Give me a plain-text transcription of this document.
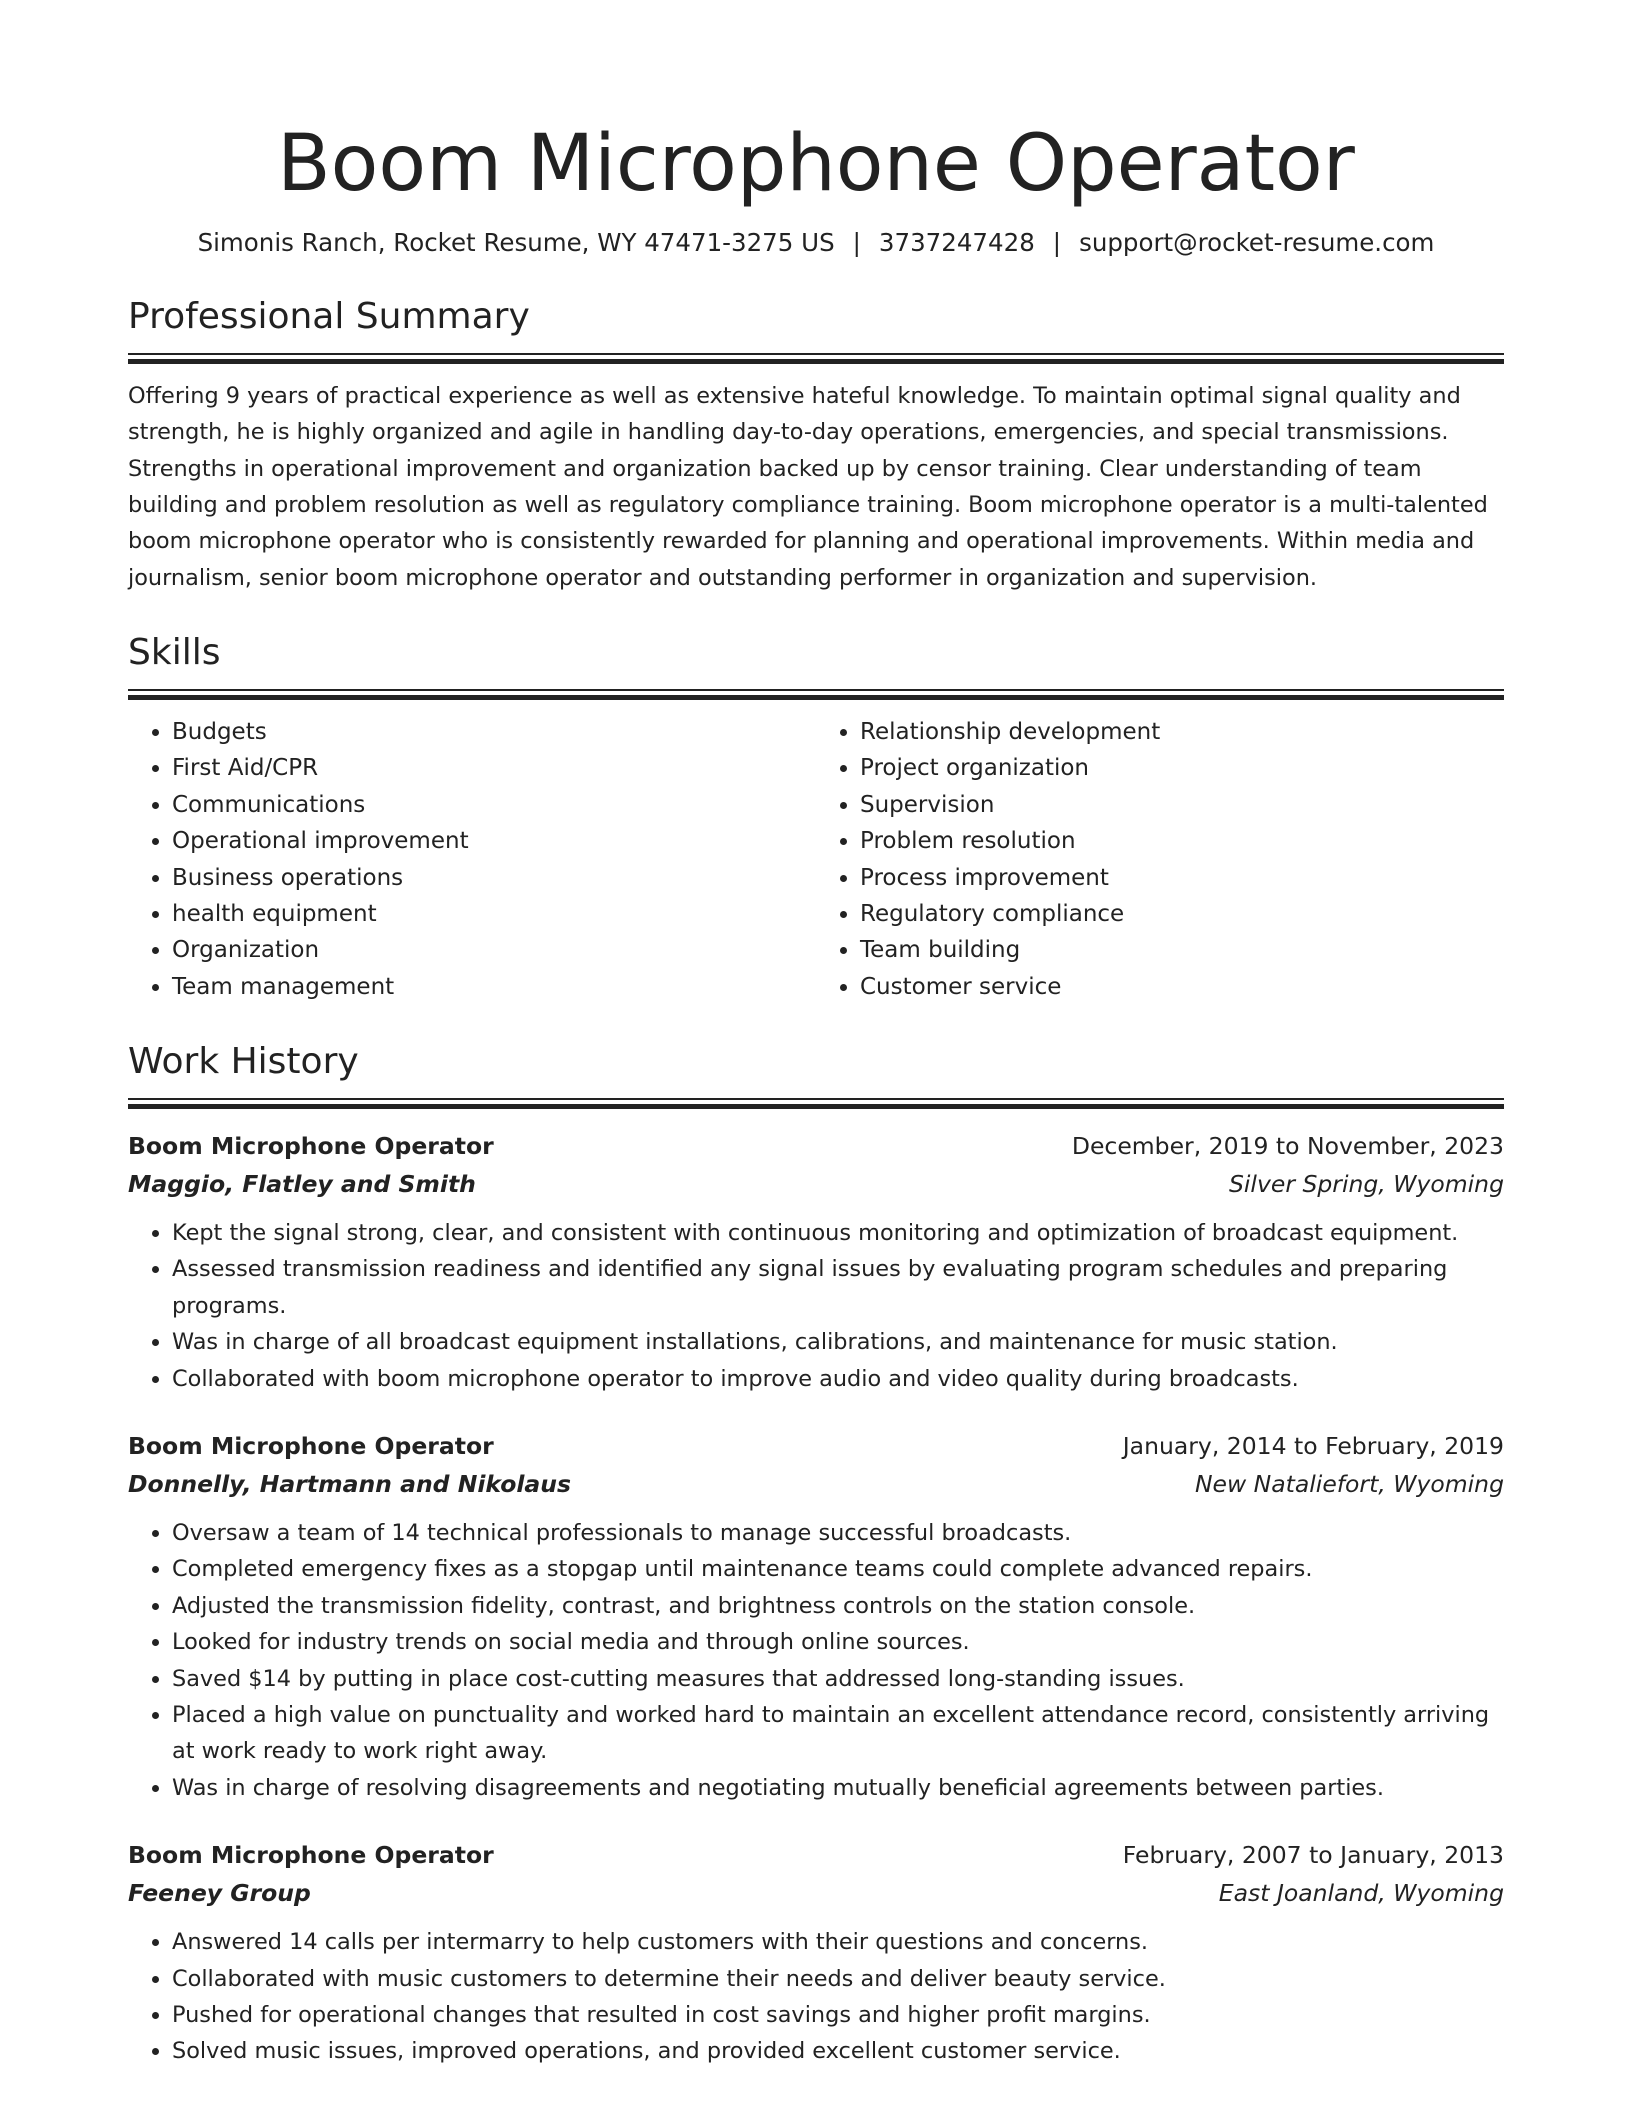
Boom Microphone Operator
Simonis Ranch, Rocket Resume, WY 47471-3275 US | 3737247428 | support@rocket-resume.com
Professional Summary

Offering 9 years of practical experience as well as extensive hateful knowledge. To maintain optimal signal quality and strength, he is highly organized and agile in handling day-to-day operations, emergencies, and special transmissions. Strengths in operational improvement and organization backed up by censor training. Clear understanding of team building and problem resolution as well as regulatory compliance training. Boom microphone operator is a multi-talented boom microphone operator who is consistently rewarded for planning and operational improvements. Within media and journalism, senior boom microphone operator and outstanding performer in organization and supervision.

Skills
• Budgets
• First Aid/CPR
• Communications
• Operational improvement
• Business operations
• health equipment
• Organization
• Team management
• Relationship development
• Project organization
• Supervision
• Problem resolution
• Process improvement
• Regulatory compliance
• Team building
• Customer service
Work History
Boom Microphone Operator	December, 2019 to November, 2023
Maggio, Flatley and Smith	Silver Spring, Wyoming
• Kept the signal strong, clear, and consistent with continuous monitoring and optimization of broadcast equipment.
• Assessed transmission readiness and identified any signal issues by evaluating program schedules and preparing programs.
• Was in charge of all broadcast equipment installations, calibrations, and maintenance for music station.
• Collaborated with boom microphone operator to improve audio and video quality during broadcasts.
Boom Microphone Operator	January, 2014 to February, 2019
Donnelly, Hartmann and Nikolaus	New Nataliefort, Wyoming
• Oversaw a team of 14 technical professionals to manage successful broadcasts.
• Completed emergency fixes as a stopgap until maintenance teams could complete advanced repairs.
• Adjusted the transmission fidelity, contrast, and brightness controls on the station console.
• Looked for industry trends on social media and through online sources.
• Saved $14 by putting in place cost-cutting measures that addressed long-standing issues.
• Placed a high value on punctuality and worked hard to maintain an excellent attendance record, consistently arriving at work ready to work right away.
• Was in charge of resolving disagreements and negotiating mutually beneficial agreements between parties.
Boom Microphone Operator	February, 2007 to January, 2013
Feeney Group	East Joanland, Wyoming
• Answered 14 calls per intermarry to help customers with their questions and concerns.
• Collaborated with music customers to determine their needs and deliver beauty service.
• Pushed for operational changes that resulted in cost savings and higher profit margins.
• Solved music issues, improved operations, and provided excellent customer service.
